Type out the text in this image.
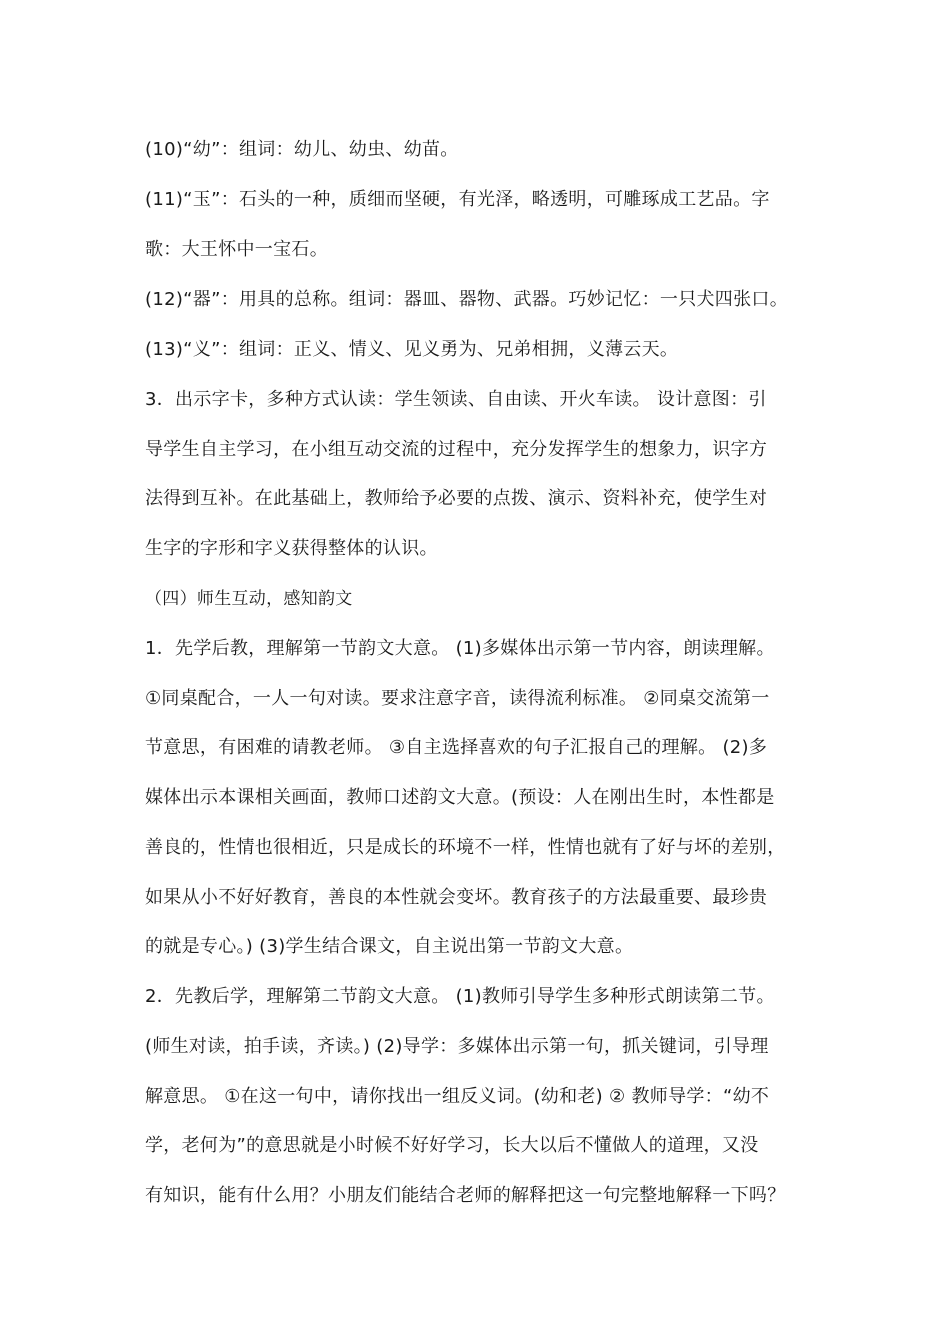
(10)“幼”：组词：幼儿、幼虫、幼苗。
(11)“玉”：石头的一种，质细而坚硬，有光泽，略透明，可雕琢成工艺品。字
歌：大王怀中一宝石。
(12)“器”：用具的总称。组词：器皿、器物、武器。巧妙记忆：一只犬四张口。
(13)“义”：组词：正义、情义、见义勇为、兄弟相拥，义薄云天。
3．出示字卡，多种方式认读：学生领读、自由读、开火车读。 设计意图：引
导学生自主学习，在小组互动交流的过程中，充分发挥学生的想象力，识字方
法得到互补。在此基础上，教师给予必要的点拨、演示、资料补充，使学生对
生字的字形和字义获得整体的认识。
（四）师生互动，感知韵文
1．先学后教，理解第一节韵文大意。 (1)多媒体出示第一节内容，朗读理解。
①同桌配合，一人一句对读。要求注意字音，读得流利标准。 ②同桌交流第一
节意思，有困难的请教老师。 ③自主选择喜欢的句子汇报自己的理解。 (2)多
媒体出示本课相关画面，教师口述韵文大意。(预设：人在刚出生时，本性都是
善良的，性情也很相近，只是成长的环境不一样，性情也就有了好与坏的差别，
如果从小不好好教育，善良的本性就会变坏。教育孩子的方法最重要、最珍贵
的就是专心。) (3)学生结合课文，自主说出第一节韵文大意。
2．先教后学，理解第二节韵文大意。 (1)教师引导学生多种形式朗读第二节。
(师生对读，拍手读，齐读。) (2)导学：多媒体出示第一句，抓关键词，引导理
解意思。 ①在这一句中，请你找出一组反义词。(幼和老) ② 教师导学：“幼不
学，老何为”的意思就是小时候不好好学习，长大以后不懂做人的道理，又没
有知识，能有什么用？小朋友们能结合老师的解释把这一句完整地解释一下吗？
